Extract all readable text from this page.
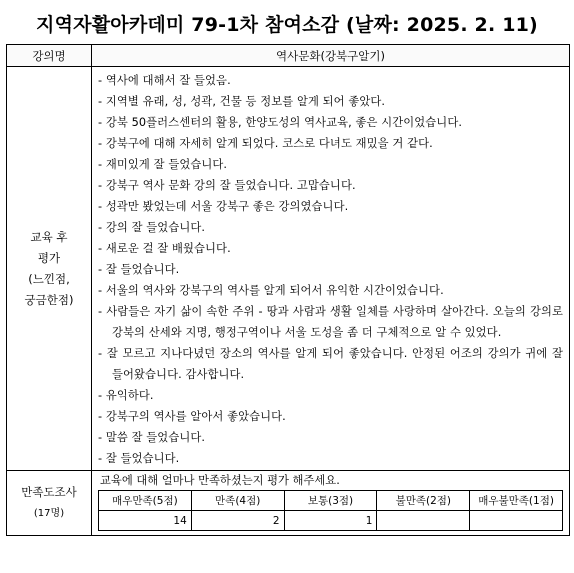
지역자활아카데미 79-1차 참여소감 (날짜: 2025. 2. 11)
강의명	역사문화(강북구알기)

교육 후
평가
(느낀점,
궁금한점)

- 역사에 대해서 잘 들었음.
- 지역별 유래, 성, 성곽, 건물 등 정보를 알게 되어 좋았다.
- 강북 50플러스센터의 활용, 한양도성의 역사교육, 좋은 시간이었습니다.
- 강북구에 대해 자세히 알게 되었다. 코스로 다녀도 재밌을 거 같다.
- 재미있게 잘 들었습니다.
- 강북구 역사 문화 강의 잘 들었습니다. 고맙습니다.
- 성곽만 봤었는데 서울 강북구 좋은 강의였습니다.
- 강의 잘 들었습니다.
- 새로운 걸 잘 배웠습니다.
- 잘 들었습니다.
- 서울의 역사와 강북구의 역사를 알게 되어서 유익한 시간이었습니다.
- 사람들은 자기 삶이 속한 주위 - 땅과 사람과 생활 일체를 사랑하며 살아간다. 오늘의 강의로 강북의 산세와 지명, 행정구역이나 서울 도성을 좀 더 구체적으로 알 수 있었다.
- 잘 모르고 지나다녔던 장소의 역사를 알게 되어 좋았습니다. 안정된 어조의 강의가 귀에 잘 들어왔습니다. 감사합니다.
- 유익하다.
- 강북구의 역사를 알아서 좋았습니다.
- 말씀 잘 들었습니다.
- 잘 들었습니다.

만족도조사
(17명)

교육에 대해 얼마나 만족하셨는지 평가 해주세요.
매우만족(5점)	만족(4점)	보통(3점)	불만족(2점)	매우불만족(1점)
14	2	1		
